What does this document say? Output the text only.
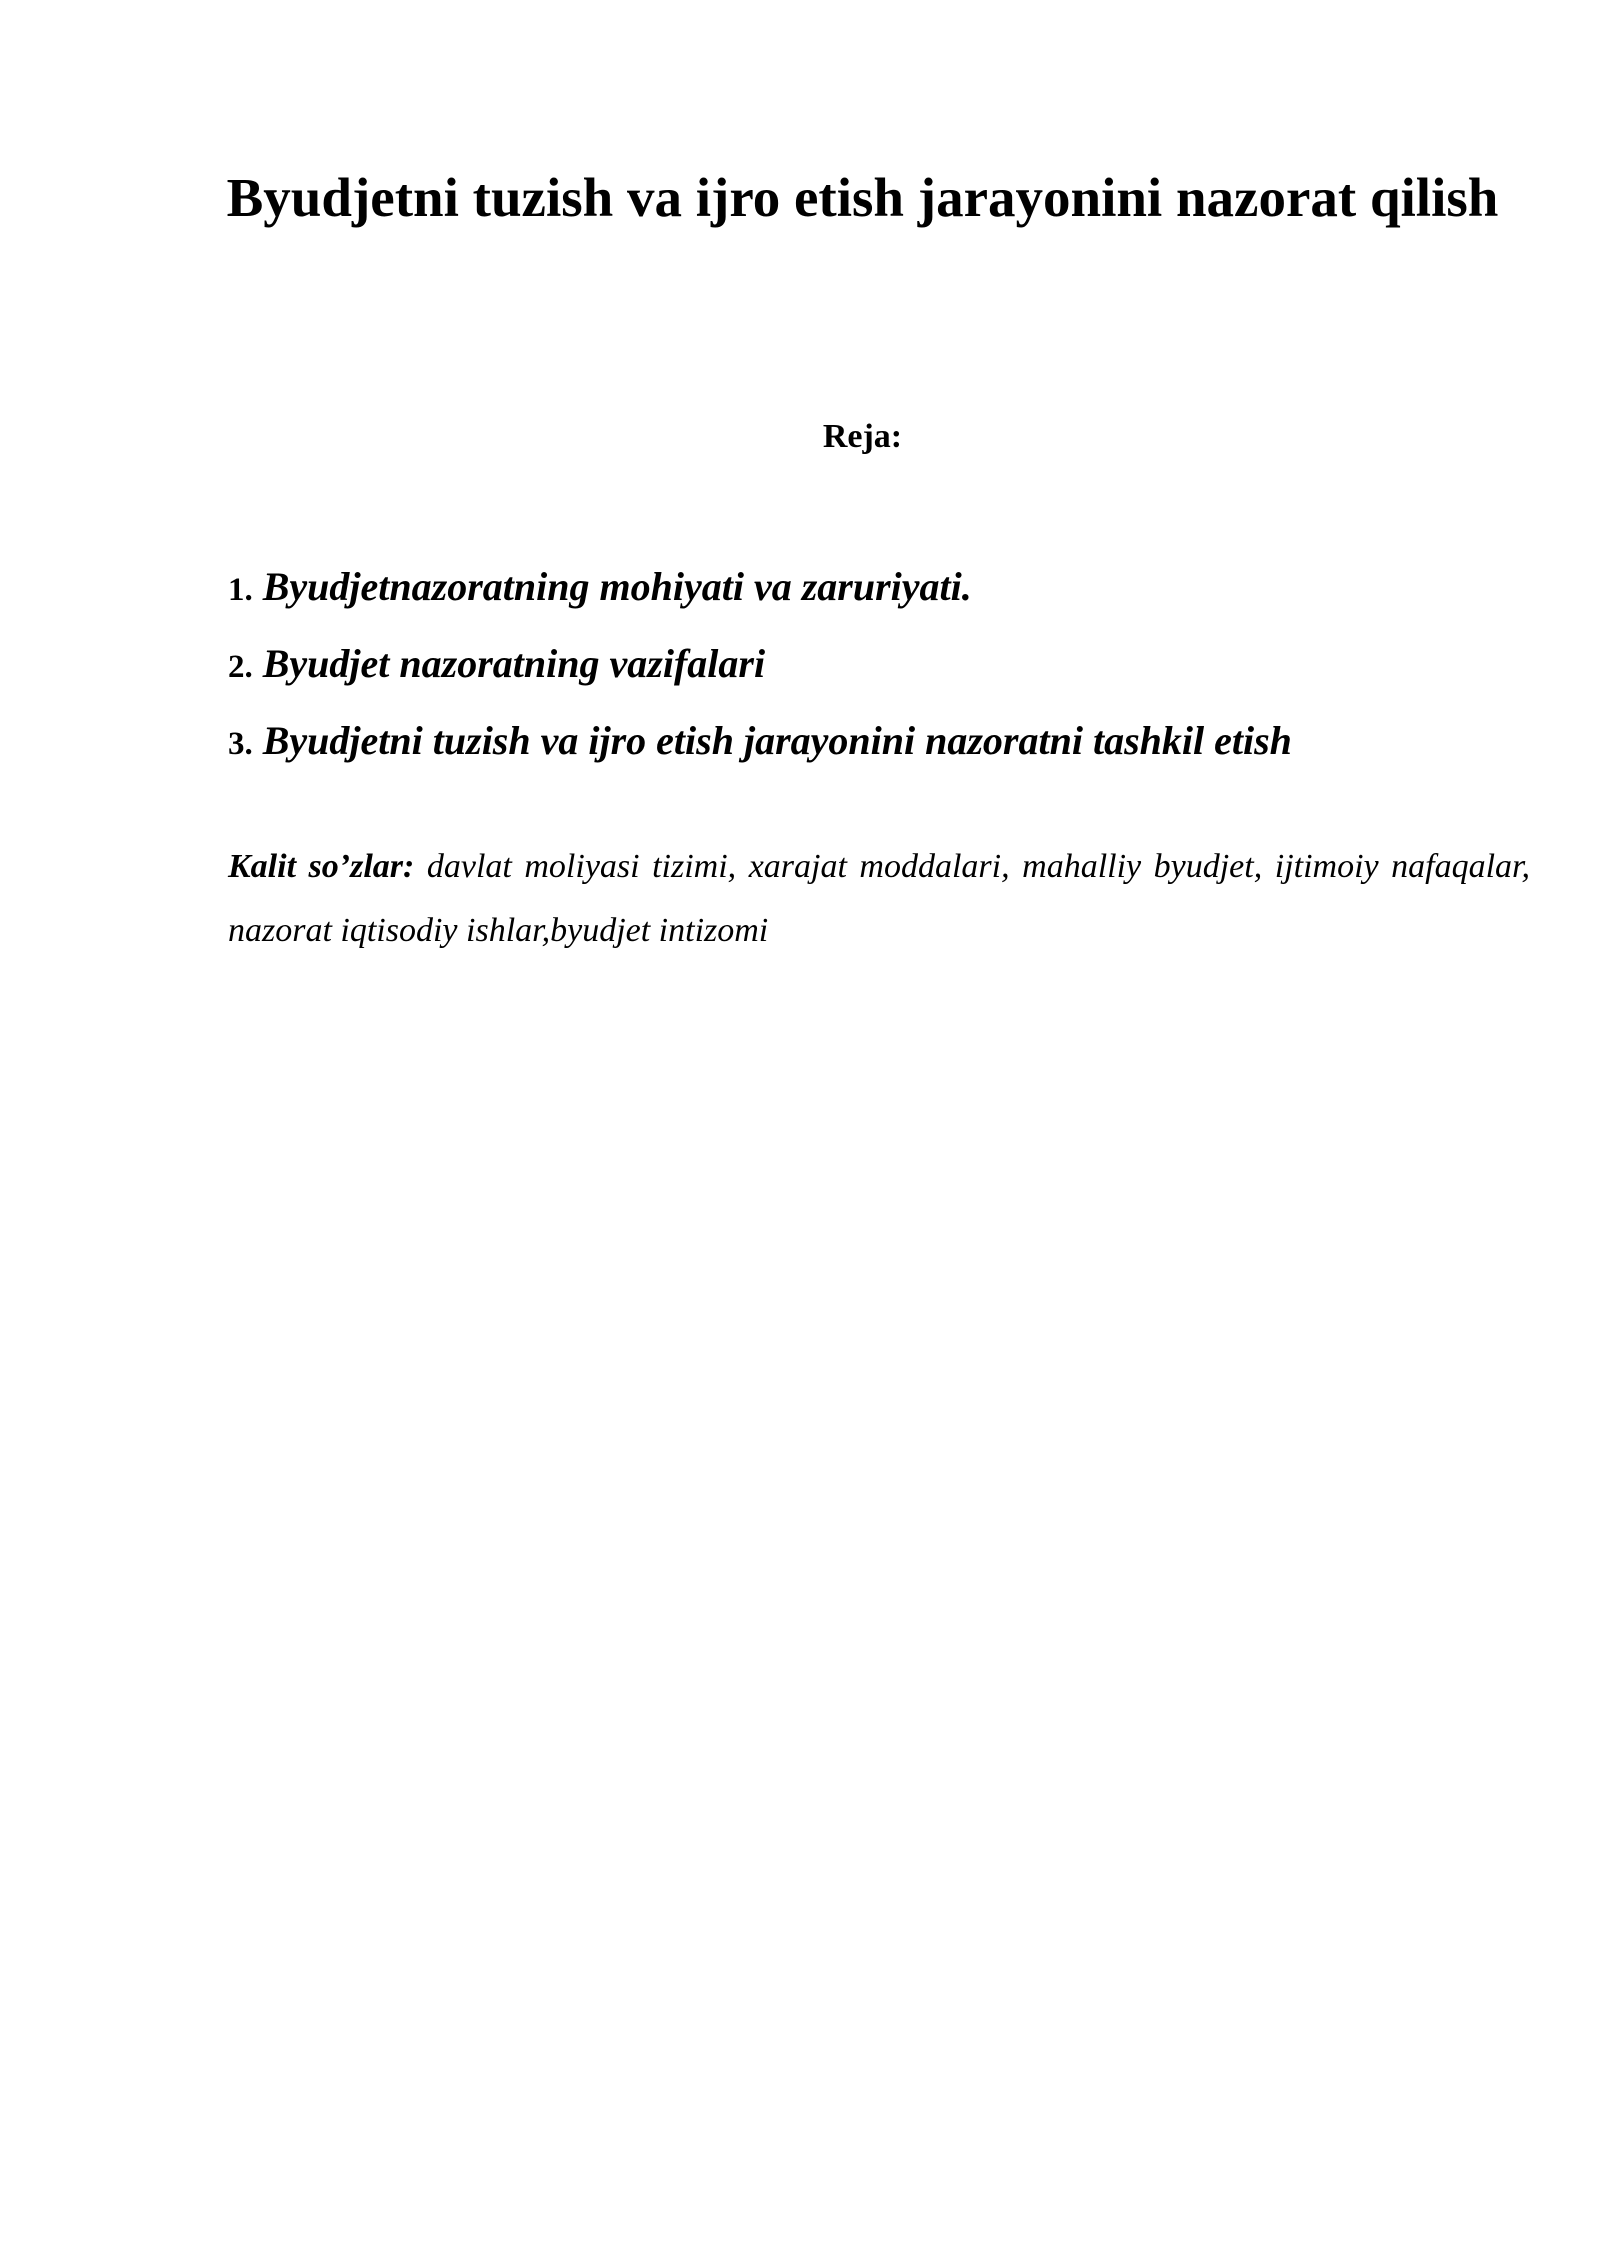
Byudjetni tuzish va ijro etish jarayonini nazorat qilish
Reja:
1. Byudjetnazoratning mohiyati va zaruriyati.
2. Byudjet nazoratning vazifalari
3. Byudjetni tuzish va ijro etish jarayonini nazoratni tashkil etish

Kalit so’zlar: davlat moliyasi tizimi, xarajat moddalari, mahalliy byudjet, ijtimoiy nafaqalar, nazorat iqtisodiy ishlar,byudjet intizomi
